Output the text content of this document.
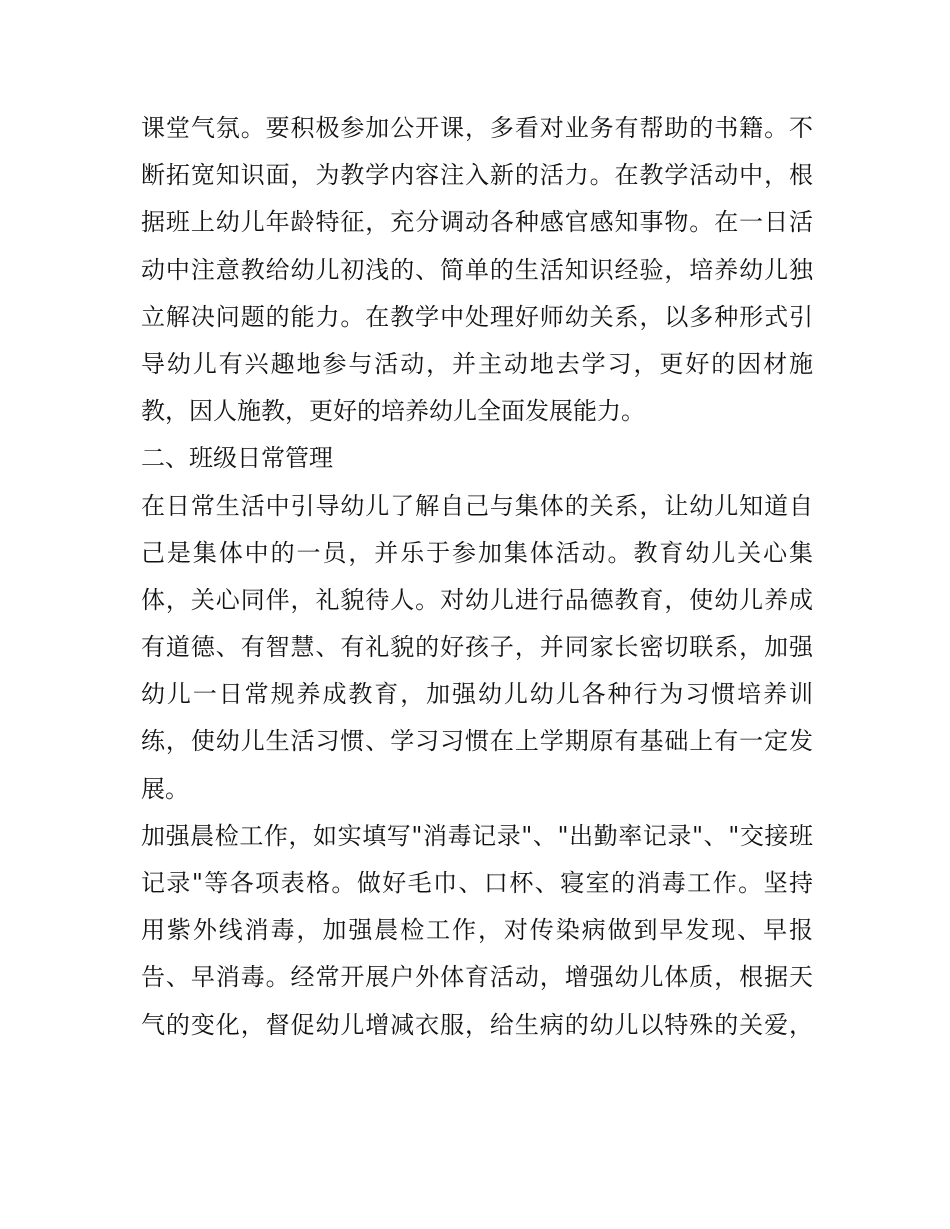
课堂气氛。要积极参加公开课，多看对业务有帮助的书籍。不
断拓宽知识面，为教学内容注入新的活力。在教学活动中，根
据班上幼儿年龄特征，充分调动各种感官感知事物。在一日活
动中注意教给幼儿初浅的、简单的生活知识经验，培养幼儿独
立解决问题的能力。在教学中处理好师幼关系，以多种形式引
导幼儿有兴趣地参与活动，并主动地去学习，更好的因材施
教，因人施教，更好的培养幼儿全面发展能力。
二、班级日常管理
在日常生活中引导幼儿了解自己与集体的关系，让幼儿知道自
己是集体中的一员，并乐于参加集体活动。教育幼儿关心集
体，关心同伴，礼貌待人。对幼儿进行品德教育，使幼儿养成
有道德、有智慧、有礼貌的好孩子，并同家长密切联系，加强
幼儿一日常规养成教育，加强幼儿幼儿各种行为习惯培养训
练，使幼儿生活习惯、学习习惯在上学期原有基础上有一定发
展。
加强晨检工作，如实填写"消毒记录"、"出勤率记录"、"交接班
记录"等各项表格。做好毛巾、口杯、寝室的消毒工作。坚持
用紫外线消毒，加强晨检工作，对传染病做到早发现、早报
告、早消毒。经常开展户外体育活动，增强幼儿体质，根据天
气的变化，督促幼儿增减衣服，给生病的幼儿以特殊的关爱，
